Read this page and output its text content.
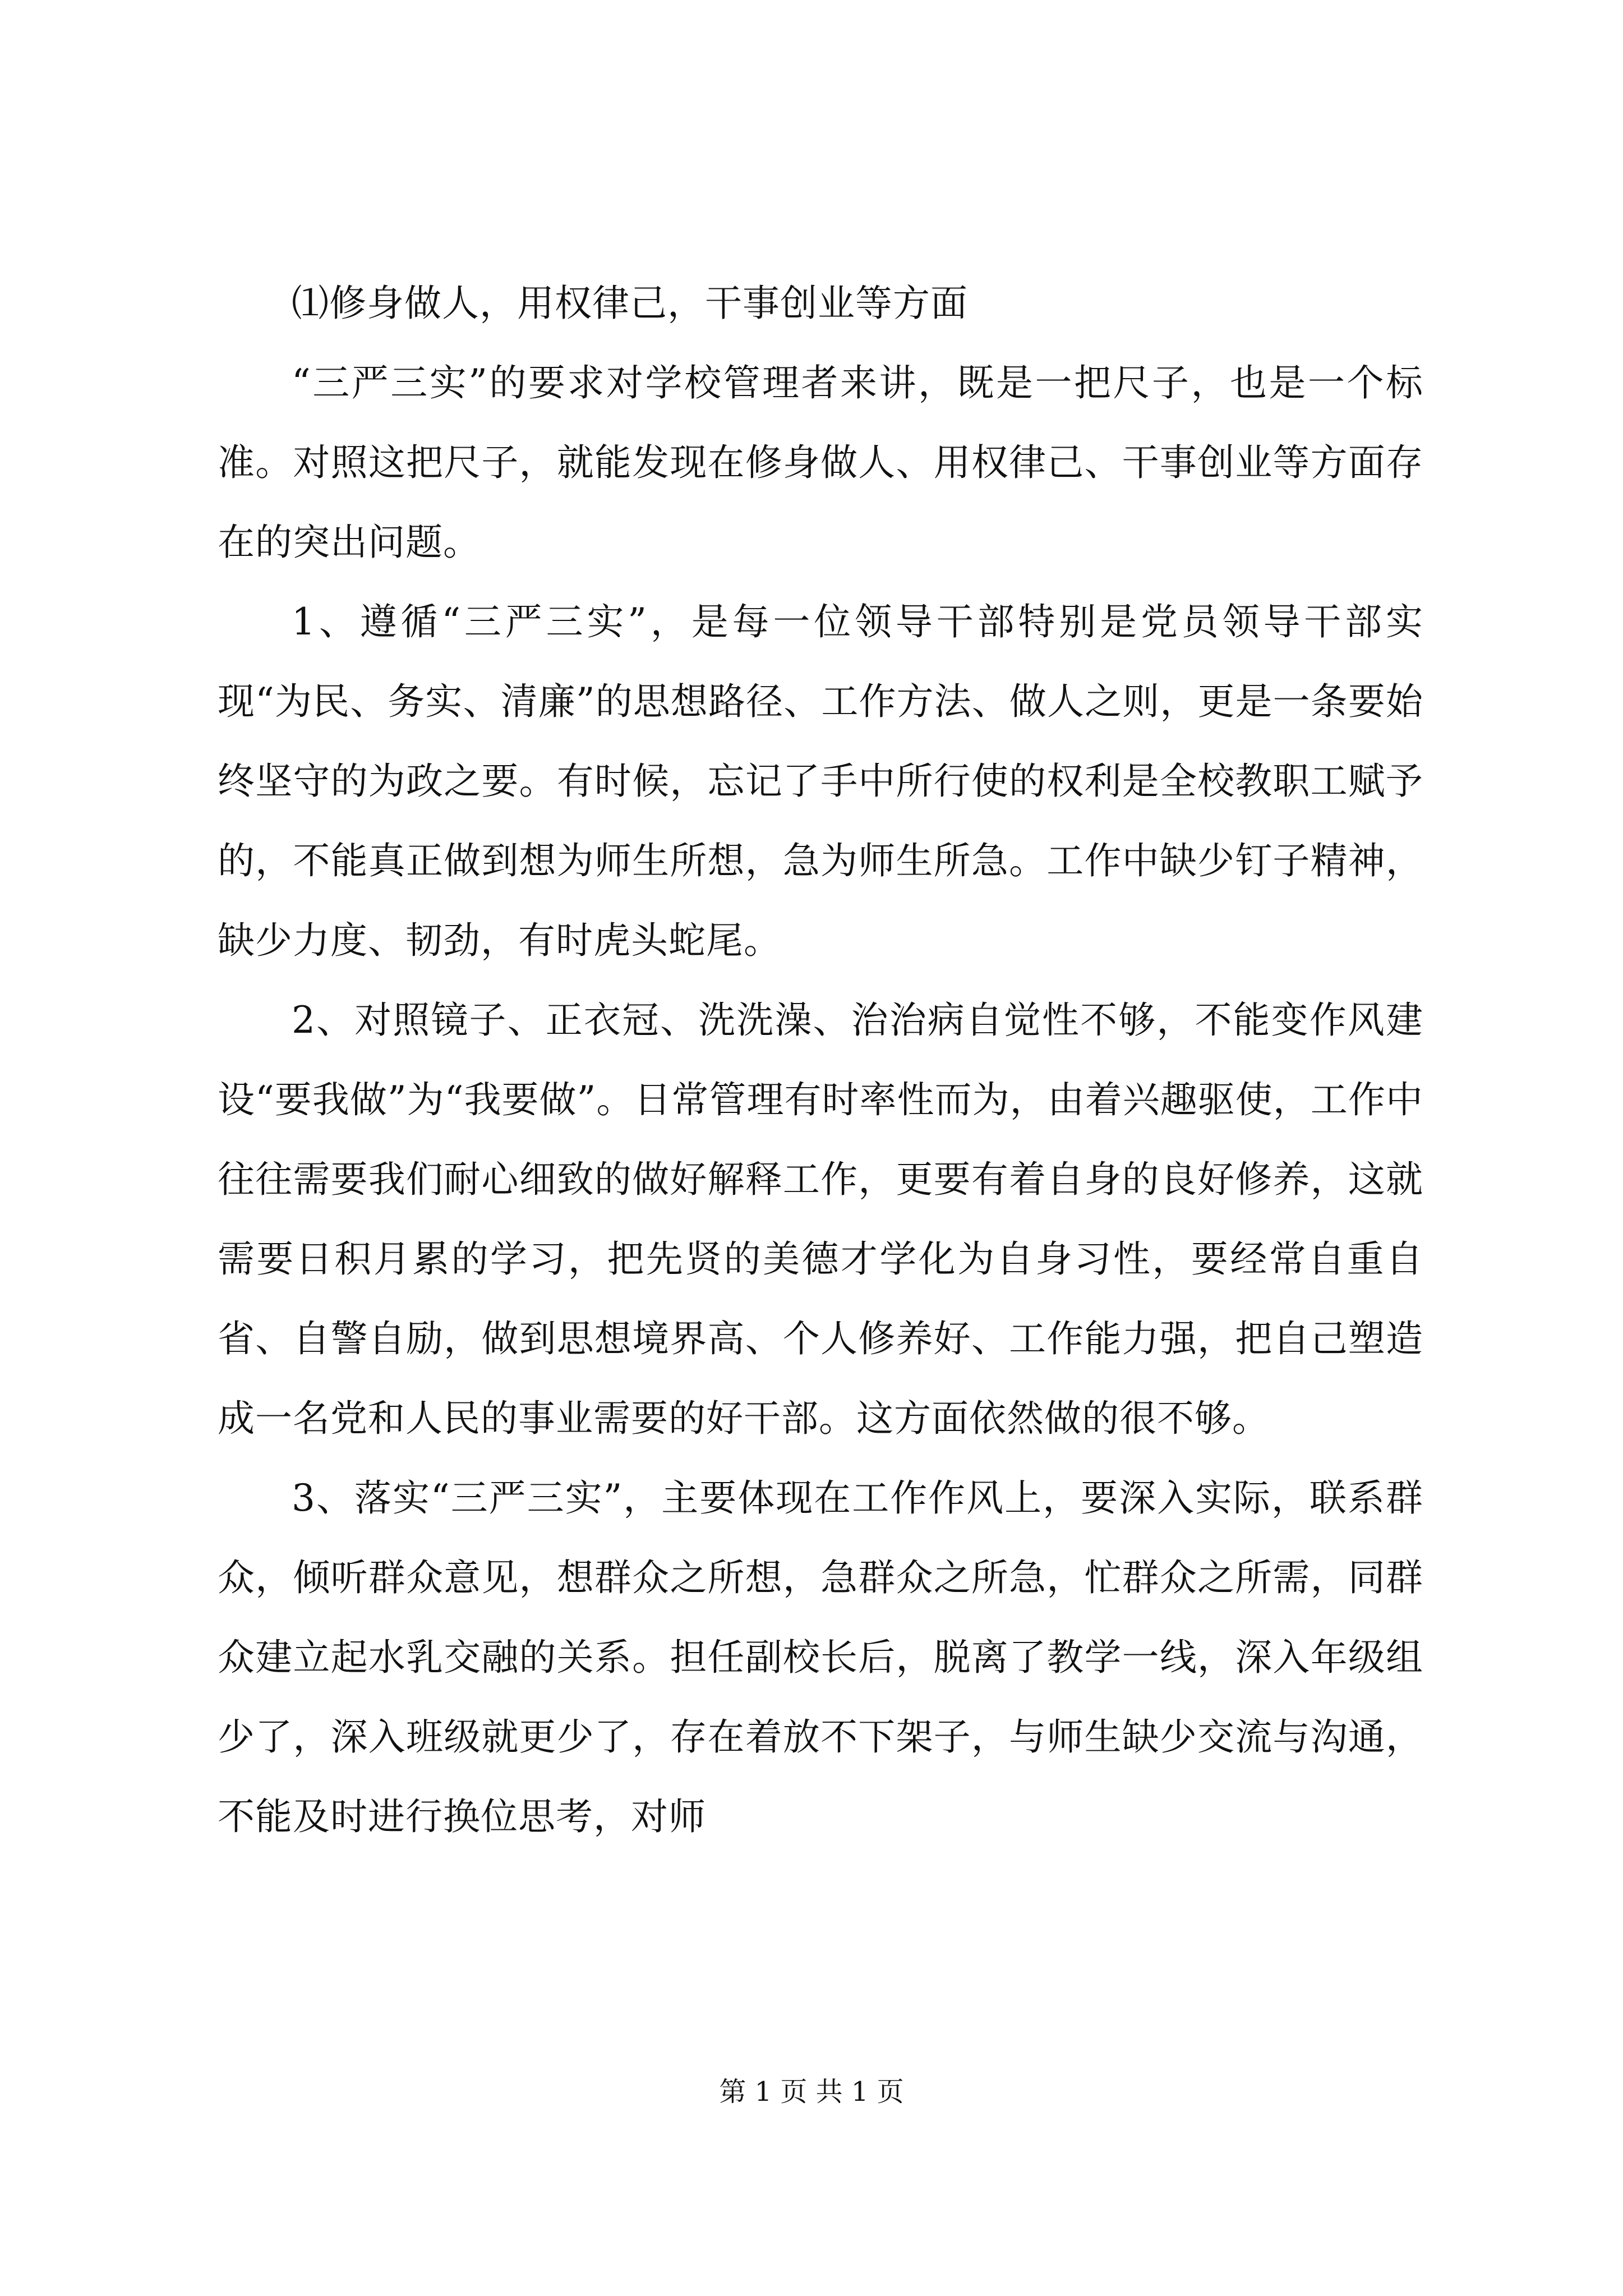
⑴修身做人，用权律己，干事创业等方面

“三严三实”的要求对学校管理者来讲，既是一把尺子，也是一个标准。对照这把尺子，就能发现在修身做人、用权律己、干事创业等方面存在的突出问题。

1、遵循“三严三实”，是每一位领导干部特别是党员领导干部实现“为民、务实、清廉”的思想路径、工作方法、做人之则，更是一条要始终坚守的为政之要。有时候，忘记了手中所行使的权利是全校教职工赋予的，不能真正做到想为师生所想，急为师生所急。工作中缺少钉子精神，缺少力度、韧劲，有时虎头蛇尾。

2、对照镜子、正衣冠、洗洗澡、治治病自觉性不够，不能变作风建设“要我做”为“我要做”。日常管理有时率性而为，由着兴趣驱使，工作中往往需要我们耐心细致的做好解释工作，更要有着自身的良好修养，这就需要日积月累的学习，把先贤的美德才学化为自身习性，要经常自重自省、自警自励，做到思想境界高、个人修养好、工作能力强，把自己塑造成一名党和人民的事业需要的好干部。这方面依然做的很不够。

3、落实“三严三实”，主要体现在工作作风上，要深入实际，联系群众，倾听群众意见，想群众之所想，急群众之所急，忙群众之所需，同群众建立起水乳交融的关系。担任副校长后，脱离了教学一线，深入年级组少了，深入班级就更少了，存在着放不下架子，与师生缺少交流与沟通，不能及时进行换位思考，对师

第 1 页 共 1 页
